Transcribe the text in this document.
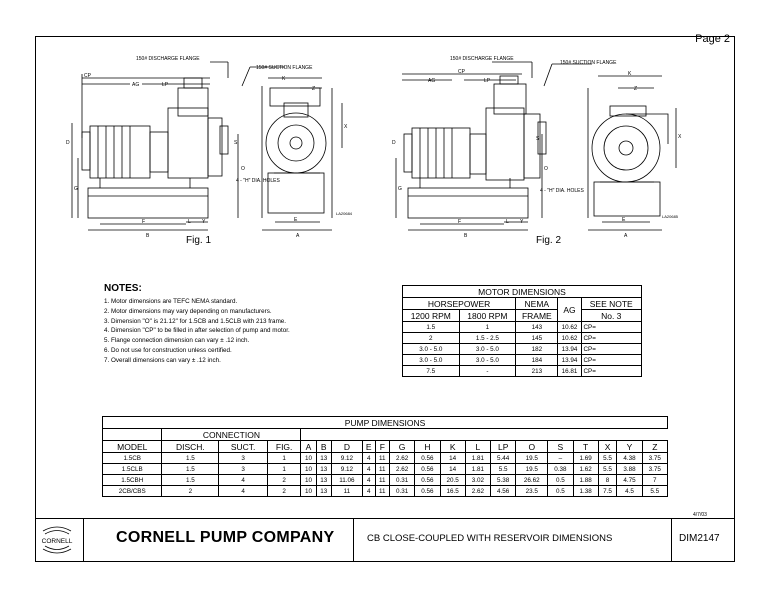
Page 2
150# DISCHARGE FLANGE
150# SUCTION FLANGE
CP
AG	LP
D
G
O
S
K
Z
X
F
B
L Y	E
A
4 - "H" DIA. HOLES
LA20684
Fig. 1
150# DISCHARGE FLANGE
150# SUCTION FLANGE
CP
AG	LP
D
G
O
S
K
Z
X
F
B
L Y	E
A
4 - "H" DIA. HOLES
LA20685
Fig. 2
NOTES:
1. Motor dimensions are TEFC NEMA standard.
2. Motor dimensions may vary depending on manufacturers.
3. Dimension "O" is 21.12" for 1.5CB and 1.5CLB with 213 frame.
4. Dimension "CP" to be filled in after selection of pump and motor.
5. Flange connection dimension can vary ± .12 inch.
6. Do not use for construction unless certified.
7. Overall dimensions can vary ± .12 inch.
MOTOR DIMENSIONS				
HORSEPOWER		NEMA	AG	SEE NOTE
1200 RPM	1800 RPM	FRAME		No. 3
1.5	1	143	10.62	CP=
2	1.5 - 2.5	145	10.62	CP=
3.0 - 5.0	3.0 - 5.0	182	13.94	CP=
3.0 - 5.0	3.0 - 5.0	184	13.94	CP=
7.5	-	213	16.81	CP=
PUMP DIMENSIONS																			
	CONNECTION																		
MODEL	DISCH.	SUCT.	FIG.	A	B	D	E	F	G	H	K	L	LP	O	S	T	X	Y	Z
1.5CB	1.5	3	1	10	13	9.12	4	11	2.62	0.56	14	1.81	5.44	19.5	–	1.69	5.5	4.38	3.75
1.5CLB	1.5	3	1	10	13	9.12	4	11	2.62	0.56	14	1.81	5.5	19.5	0.38	1.62	5.5	3.88	3.75
1.5CBH	1.5	4	2	10	13	11.06	4	11	0.31	0.56	20.5	3.02	5.38	26.62	0.5	1.88	8	4.75	7
2CB/CBS	2	4	2	10	13	11	4	11	0.31	0.56	16.5	2.62	4.56	23.5	0.5	1.38	7.5	4.5	5.5
4/7/03
CORNELL	CORNELL PUMP COMPANY	CB CLOSE-COUPLED WITH RESERVOIR DIMENSIONS	DIM2147
